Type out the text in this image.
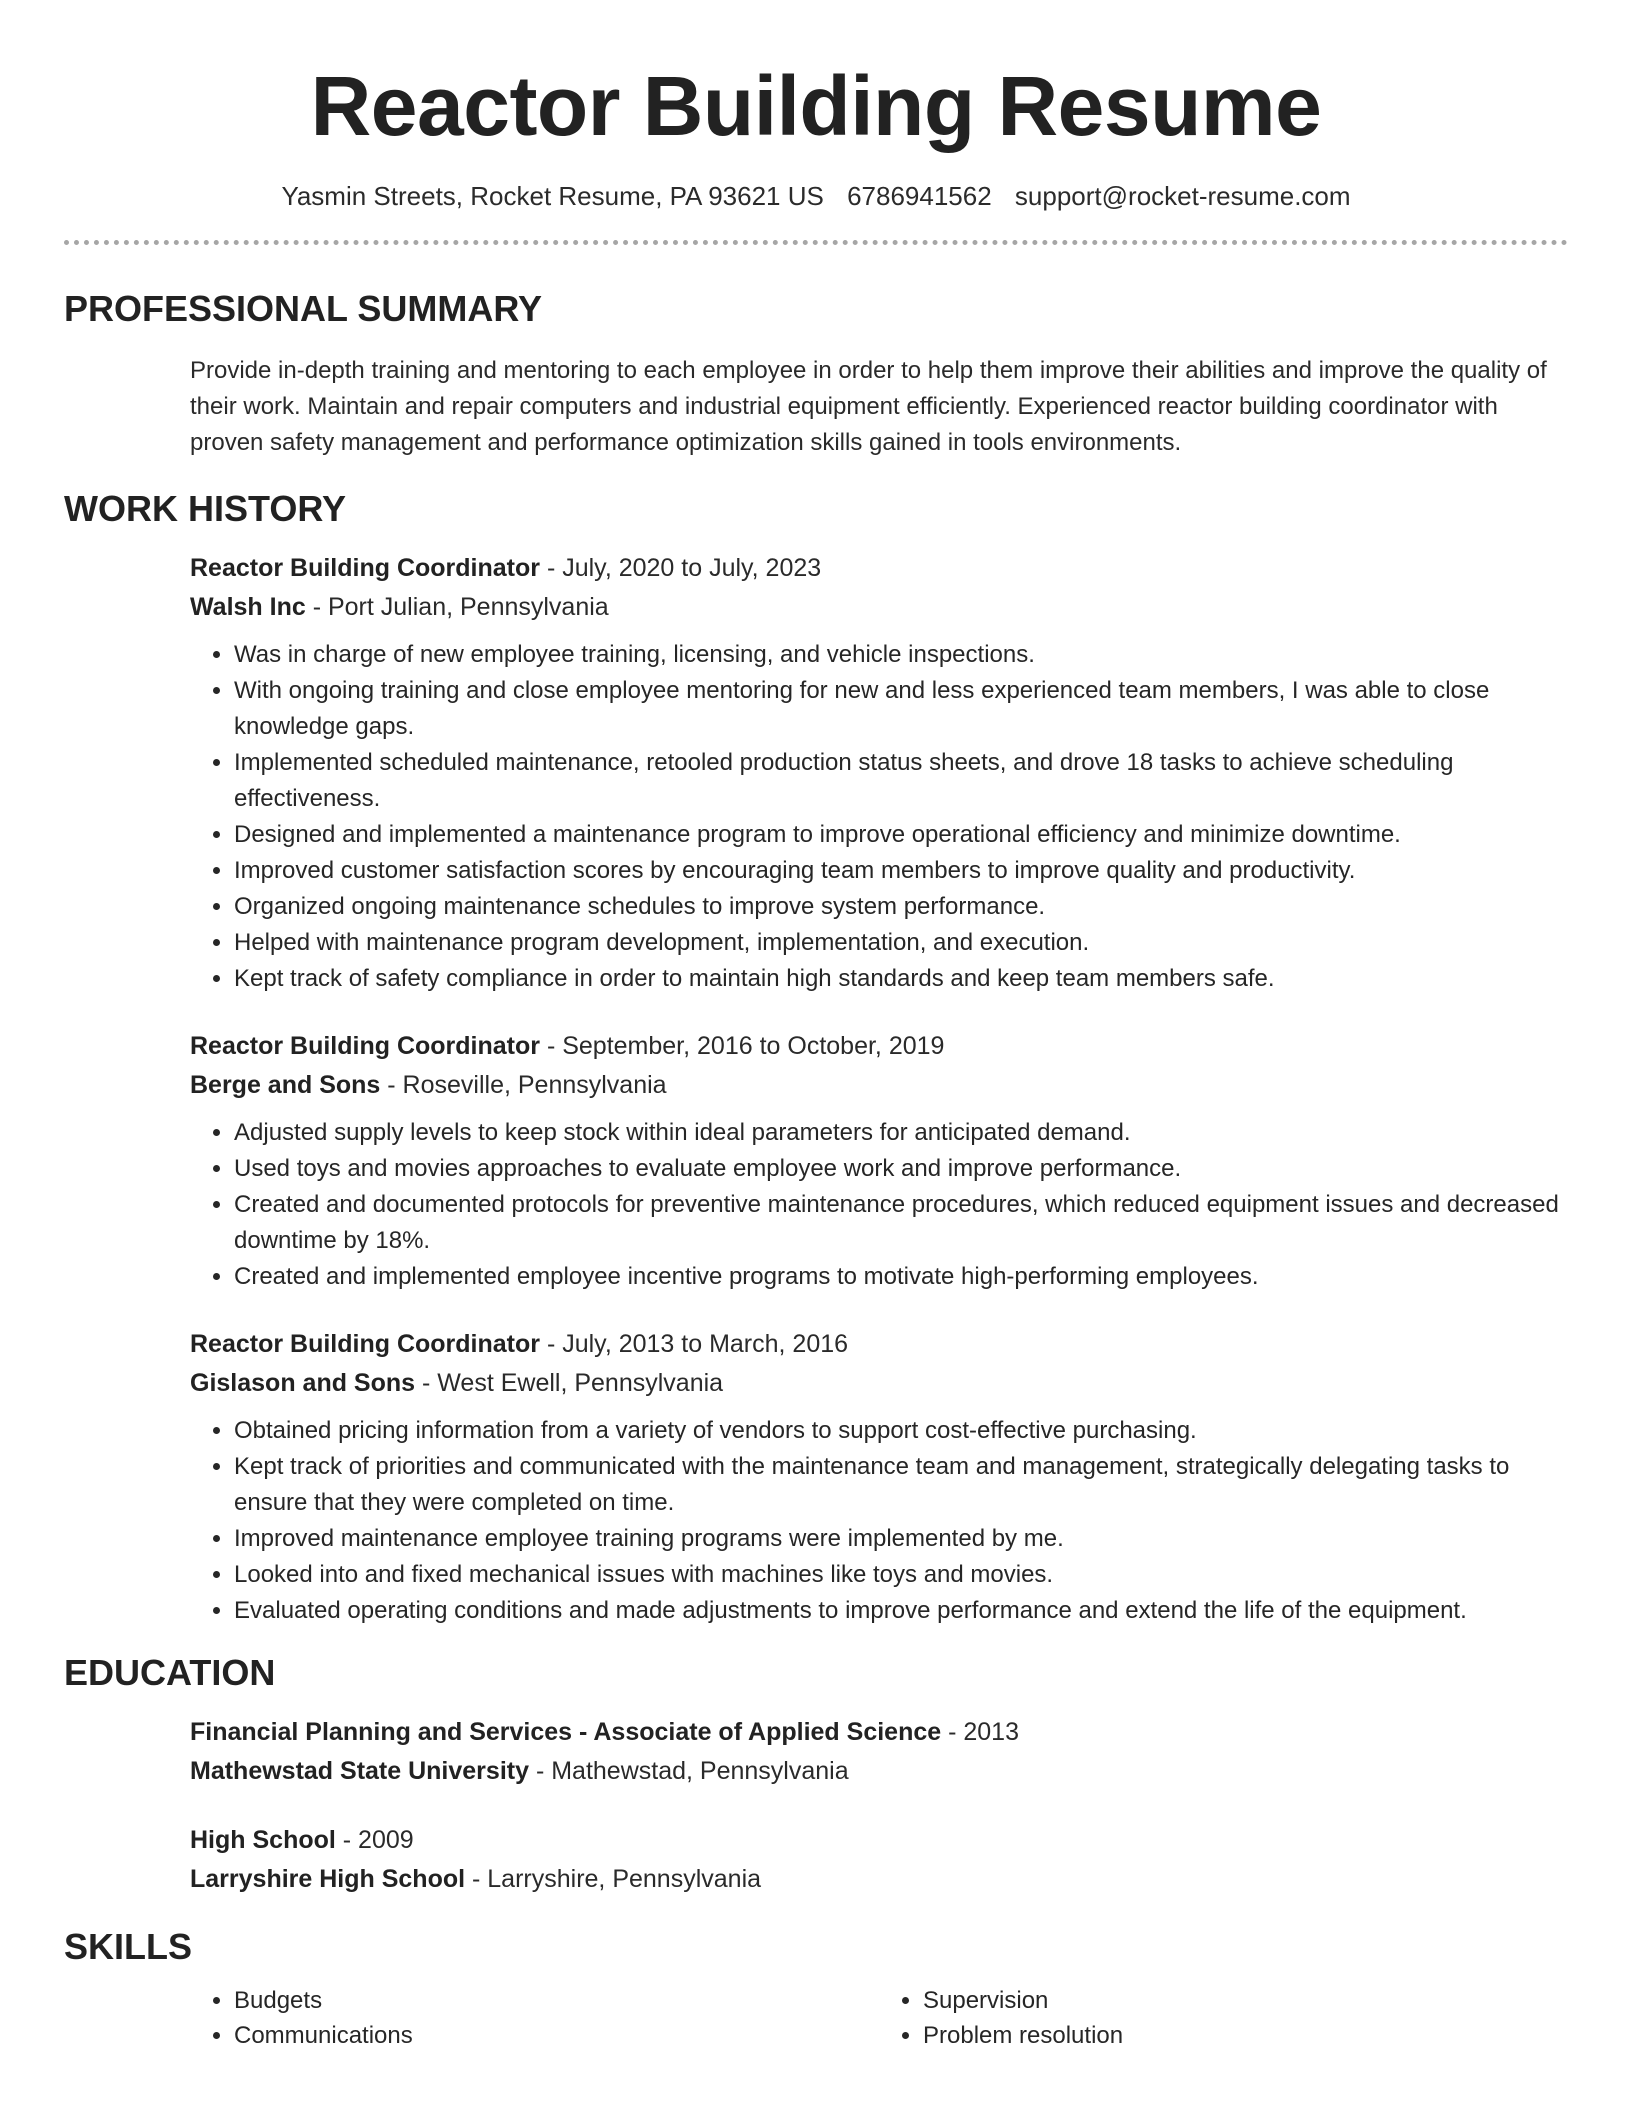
Reactor Building Resume
Yasmin Streets, Rocket Resume, PA 93621 US 6786941562 support@rocket-resume.com
PROFESSIONAL SUMMARY

Provide in-depth training and mentoring to each employee in order to help them improve their abilities and improve the quality of their work. Maintain and repair computers and industrial equipment efficiently. Experienced reactor building coordinator with proven safety management and performance optimization skills gained in tools environments.

WORK HISTORY
Reactor Building Coordinator - July, 2020 to July, 2023
Walsh Inc - Port Julian, Pennsylvania
• Was in charge of new employee training, licensing, and vehicle inspections.
• With ongoing training and close employee mentoring for new and less experienced team members, I was able to close knowledge gaps.
• Implemented scheduled maintenance, retooled production status sheets, and drove 18 tasks to achieve scheduling effectiveness.
• Designed and implemented a maintenance program to improve operational efficiency and minimize downtime.
• Improved customer satisfaction scores by encouraging team members to improve quality and productivity.
• Organized ongoing maintenance schedules to improve system performance.
• Helped with maintenance program development, implementation, and execution.
• Kept track of safety compliance in order to maintain high standards and keep team members safe.
Reactor Building Coordinator - September, 2016 to October, 2019
Berge and Sons - Roseville, Pennsylvania
• Adjusted supply levels to keep stock within ideal parameters for anticipated demand.
• Used toys and movies approaches to evaluate employee work and improve performance.
• Created and documented protocols for preventive maintenance procedures, which reduced equipment issues and decreased downtime by 18%.
• Created and implemented employee incentive programs to motivate high-performing employees.
Reactor Building Coordinator - July, 2013 to March, 2016
Gislason and Sons - West Ewell, Pennsylvania
• Obtained pricing information from a variety of vendors to support cost-effective purchasing.
• Kept track of priorities and communicated with the maintenance team and management, strategically delegating tasks to ensure that they were completed on time.
• Improved maintenance employee training programs were implemented by me.
• Looked into and fixed mechanical issues with machines like toys and movies.
• Evaluated operating conditions and made adjustments to improve performance and extend the life of the equipment.
EDUCATION
Financial Planning and Services - Associate of Applied Science - 2013
Mathewstad State University - Mathewstad, Pennsylvania
High School - 2009
Larryshire High School - Larryshire, Pennsylvania
SKILLS
• Budgets
• Communications
• Supervision
• Problem resolution
